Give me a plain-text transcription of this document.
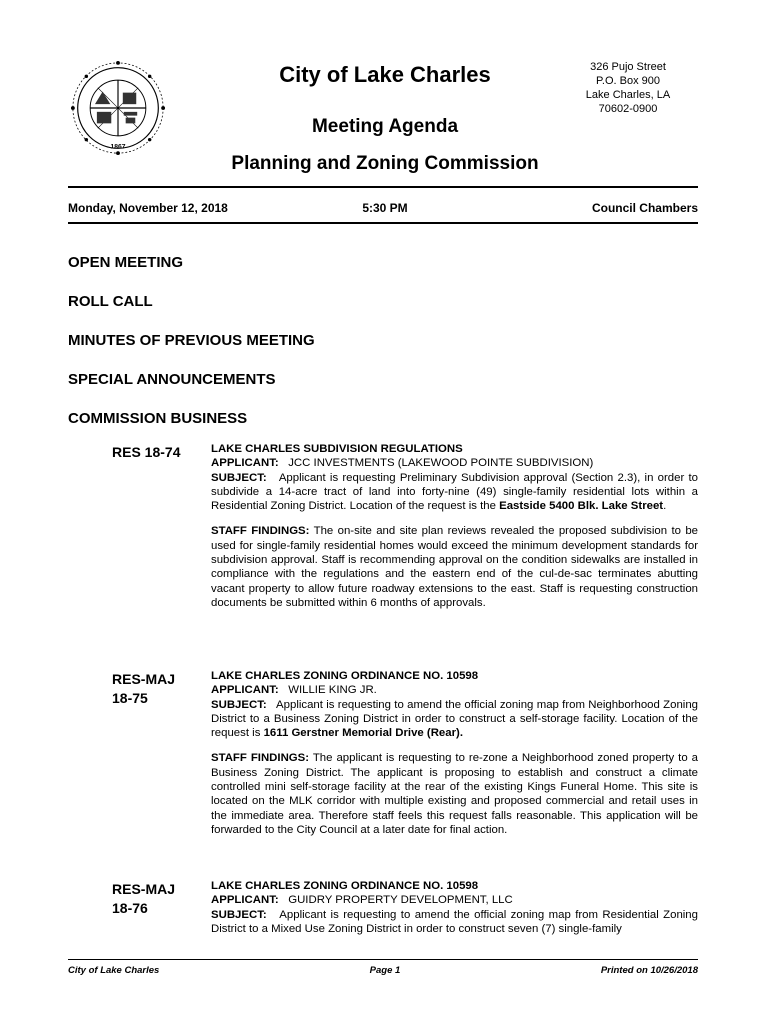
1867
City of Lake Charles
Meeting Agenda
Planning and Zoning Commission
326 Pujo Street
P.O. Box 900
Lake Charles, LA
70602-0900
Monday, November 12, 2018	5:30 PM	Council Chambers
OPEN MEETING
ROLL CALL
MINUTES OF PREVIOUS MEETING
SPECIAL ANNOUNCEMENTS
COMMISSION BUSINESS
RES 18-74	LAKE CHARLES SUBDIVISION REGULATIONS

APPLICANT: JCC INVESTMENTS (LAKEWOOD POINTE SUBDIVISION)

SUBJECT: Applicant is requesting Preliminary Subdivision approval (Section 2.3), in order to subdivide a 14-acre tract of land into forty-nine (49) single-family residential lots within a Residential Zoning District. Location of the request is the Eastside 5400 Blk. Lake Street.

STAFF FINDINGS: The on-site and site plan reviews revealed the proposed subdivision to be used for single-family residential homes would exceed the minimum development standards for subdivision approval. Staff is recommending approval on the condition sidewalks are installed in compliance with the regulations and the eastern end of the cul-de-sac terminates abutting vacant property to allow future roadway extensions to the east. Staff is requesting construction documents be submitted within 6 months of approvals.

RES-MAJ
18-75

LAKE CHARLES ZONING ORDINANCE NO. 10598

APPLICANT: WILLIE KING JR.

SUBJECT: Applicant is requesting to amend the official zoning map from Neighborhood Zoning District to a Business Zoning District in order to construct a self-storage facility. Location of the request is 1611 Gerstner Memorial Drive (Rear).

STAFF FINDINGS: The applicant is requesting to re-zone a Neighborhood zoned property to a Business Zoning District. The applicant is proposing to establish and construct a climate controlled mini self-storage facility at the rear of the existing Kings Funeral Home. This site is located on the MLK corridor with multiple existing and proposed commercial and retail uses in the immediate area. Therefore staff feels this request falls reasonable. This application will be forwarded to the City Council at a later date for final action.

RES-MAJ
18-76

LAKE CHARLES ZONING ORDINANCE NO. 10598

APPLICANT: GUIDRY PROPERTY DEVELOPMENT, LLC

SUBJECT: Applicant is requesting to amend the official zoning map from Residential Zoning District to a Mixed Use Zoning District in order to construct seven (7) single-family

City of Lake Charles	Page 1	Printed on 10/26/2018
